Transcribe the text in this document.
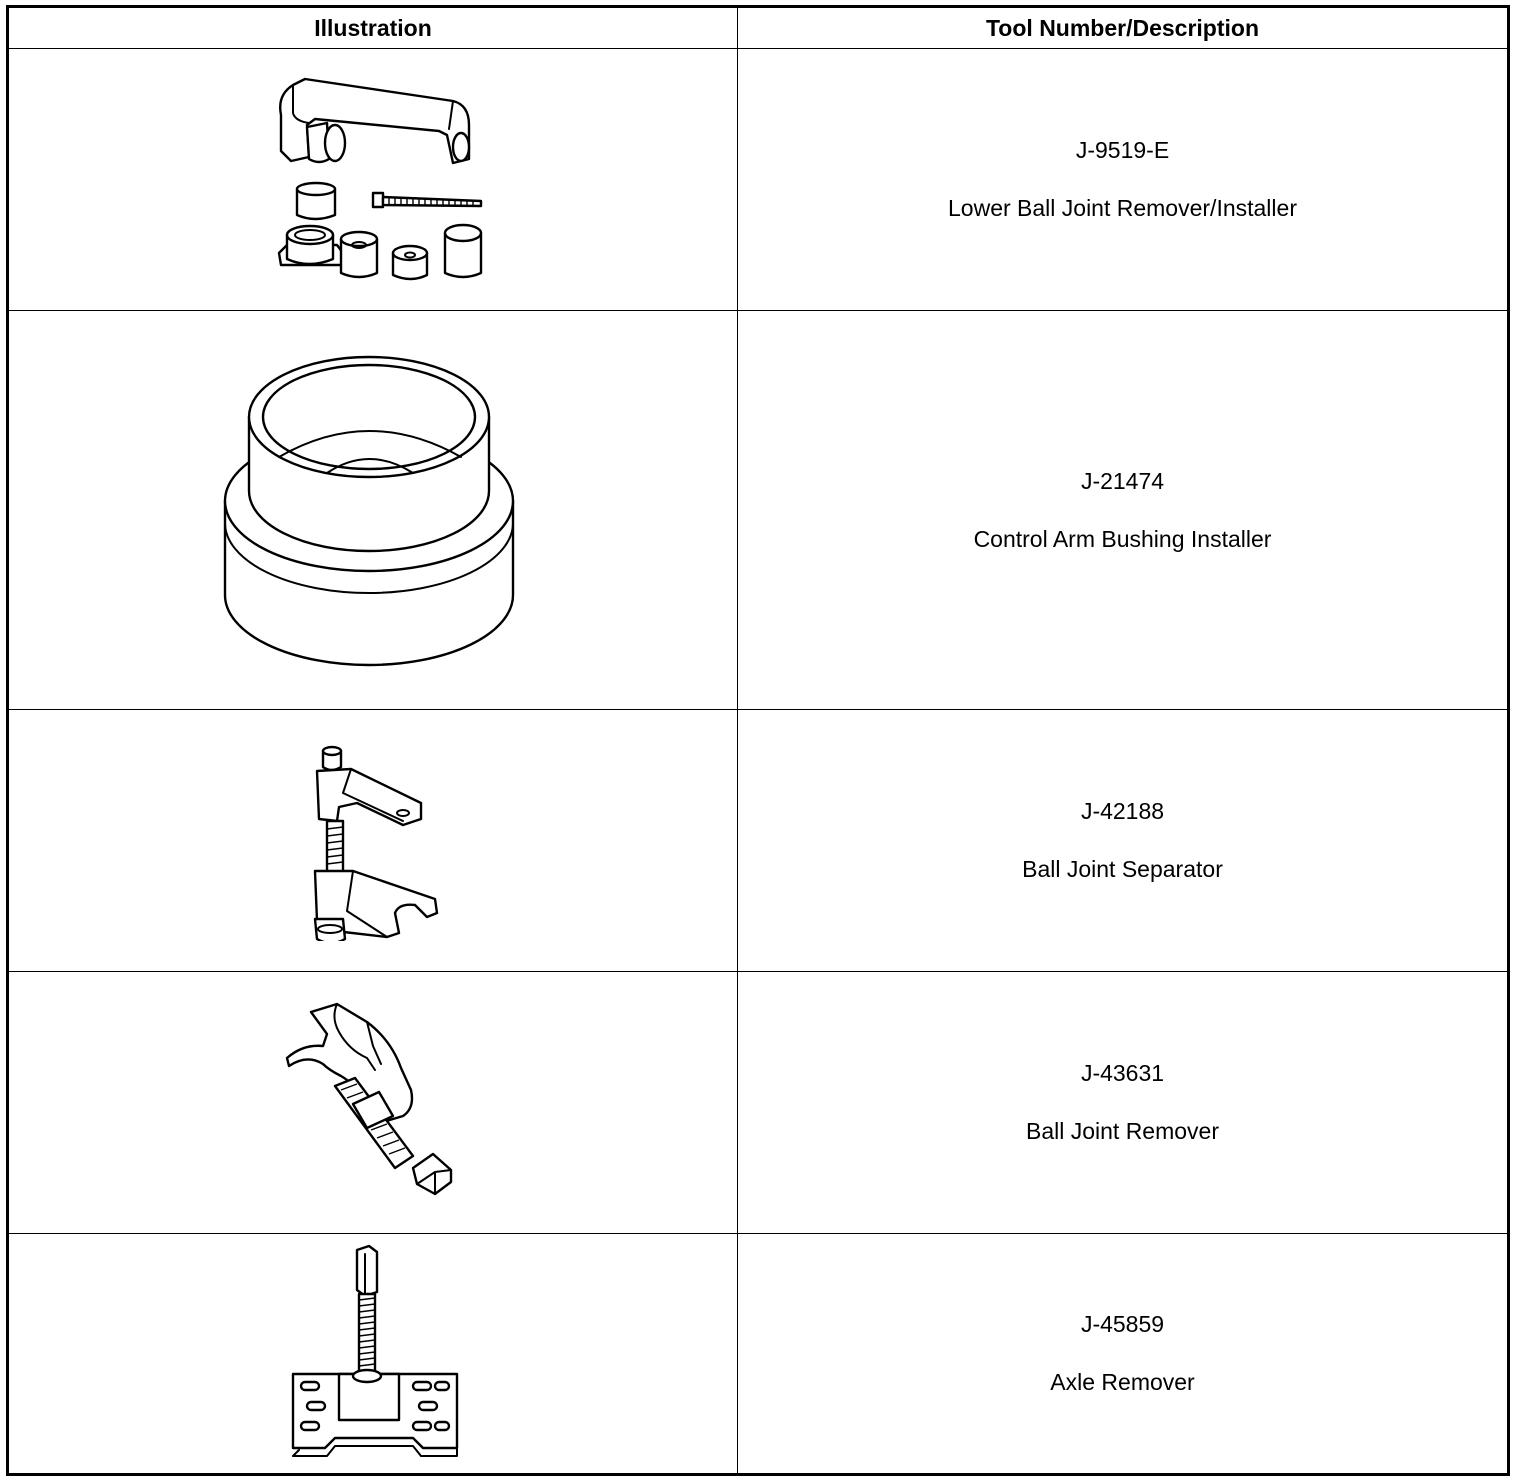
Illustration	Tool Number/Description

J-9519-E
Lower Ball Joint Remover/Installer

J-21474
Control Arm Bushing Installer

J-42188
Ball Joint Separator

J-43631
Ball Joint Remover

J-45859
Axle Remover
